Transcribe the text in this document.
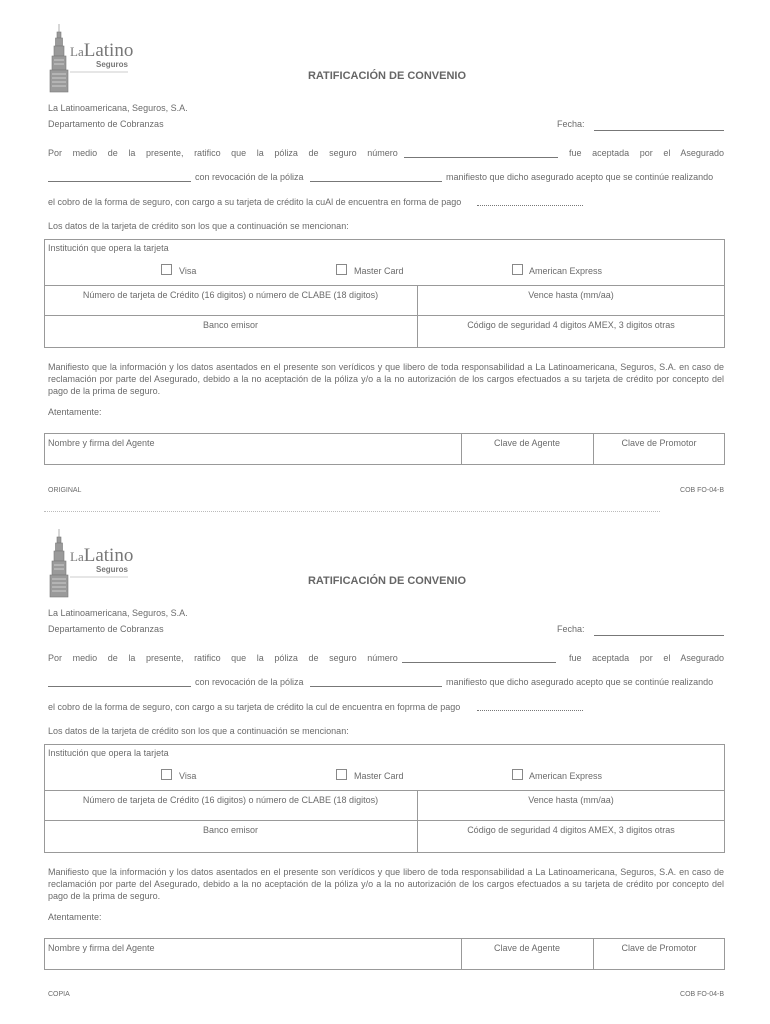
LaLatino
Seguros
RATIFICACIÓN DE CONVENIO
La Latinoamericana, Seguros, S.A.
Departamento de Cobranzas	Fecha:
Por medio de la presente, ratifico que la póliza de seguro número	fue aceptada por el Asegurado
con revocación de la póliza	manifiesto que dicho asegurado acepto que se continúe realizando
el cobro de la forma de seguro, con cargo a su tarjeta de crédito la cuAl de encuentra en forma de pago
Los datos de la tarjeta de crédito son los que a continuación se mencionan:
Institución que opera la tarjeta
Visa	Master Card	American Express
Número de tarjeta de Crédito (16 digitos) o número de CLABE (18 digitos)	Vence hasta (mm/aa)
Banco emisor	Código de seguridad 4 digitos AMEX, 3 digitos otras
Manifiesto que la información y los datos asentados en el presente son verídicos y que libero de toda responsabilidad a La Latinoamericana, Seguros, S.A. en caso de reclamación por parte del Asegurado, debido a la no aceptación de la póliza y/o a la no autorización de los cargos efectuados a su tarjeta de crédito por concepto del pago de la prima de seguro.
Atentamente:
Nombre y firma del Agente	Clave de Agente	Clave de Promotor
ORIGINAL	COB FO-04-B
LaLatino
Seguros
RATIFICACIÓN DE CONVENIO
La Latinoamericana, Seguros, S.A.
Departamento de Cobranzas	Fecha:
Por medio de la presente, ratifico que la póliza de seguro número	fue aceptada por el Asegurado
con revocación de la póliza	manifiesto que dicho asegurado acepto que se continúe realizando
el cobro de la forma de seguro, con cargo a su tarjeta de crédito la cul de encuentra en foprma de pago
Los datos de la tarjeta de crédito son los que a continuación se mencionan:
Institución que opera la tarjeta
Visa	Master Card	American Express
Número de tarjeta de Crédito (16 digitos) o número de CLABE (18 digitos)	Vence hasta (mm/aa)
Banco emisor	Código de seguridad 4 digitos AMEX, 3 digitos otras
Manifiesto que la información y los datos asentados en el presente son verídicos y que libero de toda responsabilidad a La Latinoamericana, Seguros, S.A. en caso de reclamación por parte del Asegurado, debido a la no aceptación de la póliza y/o a la no autorización de los cargos efectuados a su tarjeta de crédito por concepto del pago de la prima de seguro.
Atentamente:
Nombre y firma del Agente	Clave de Agente	Clave de Promotor
COPIA	COB FO-04-B
